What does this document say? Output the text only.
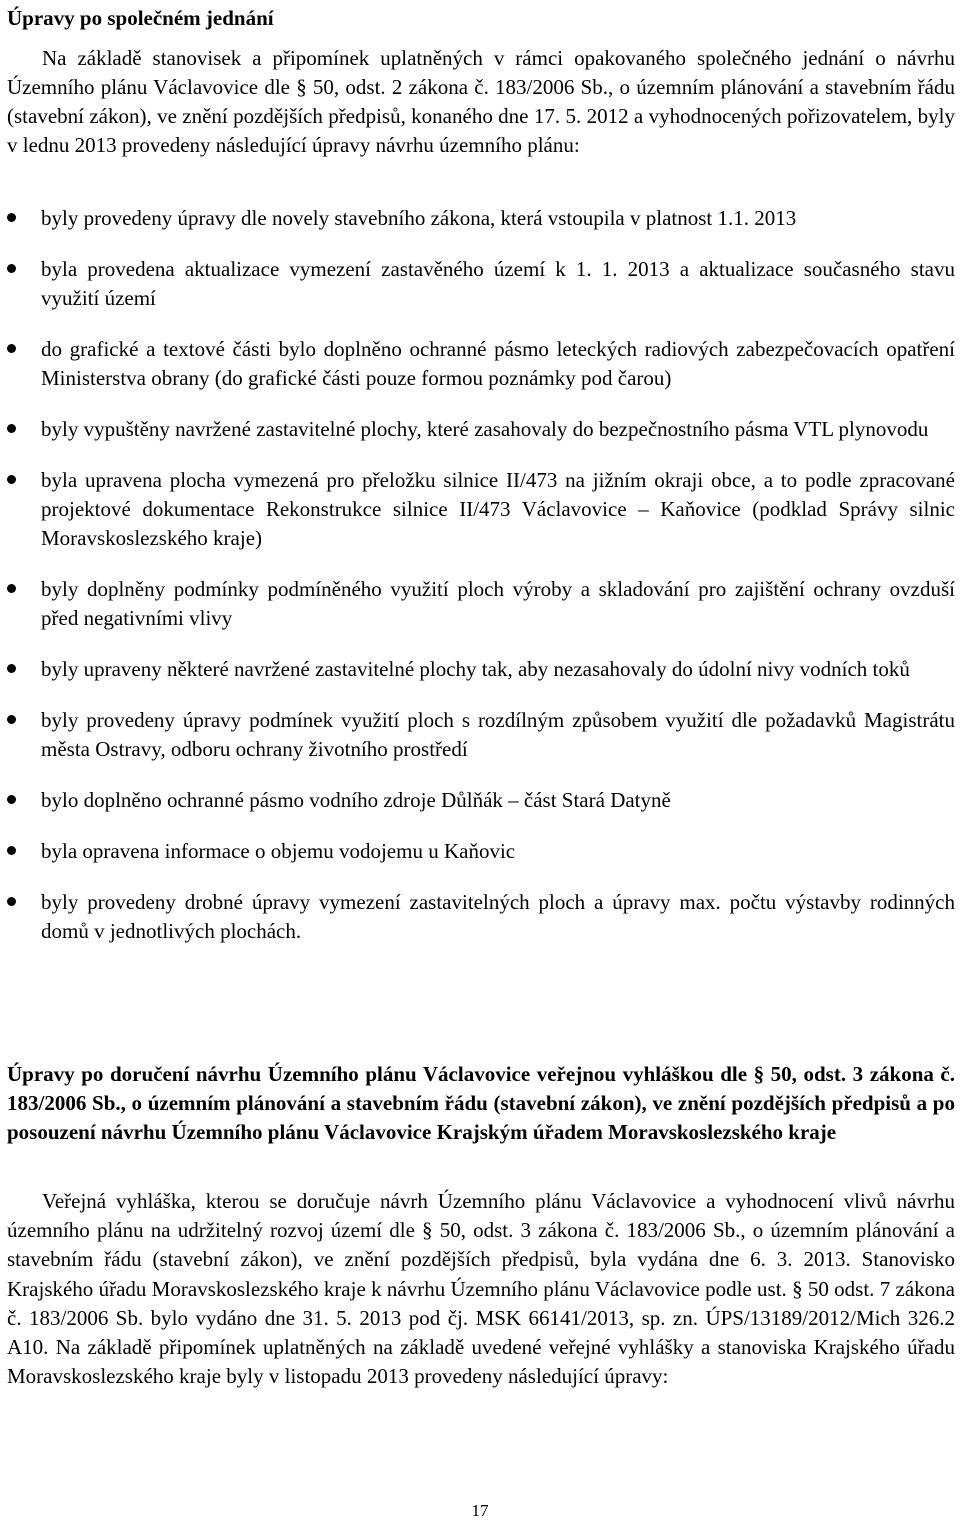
Úpravy po společném jednání

Na základě stanovisek a připomínek uplatněných v rámci opakovaného společného jednání o návrhu Územního plánu Václavovice dle § 50, odst. 2 zákona č. 183/2006 Sb., o územním plánování a stavebním řádu (stavební zákon), ve znění pozdějších předpisů, konaného dne 17. 5. 2012 a vyhodnocených pořizovatelem, byly v lednu 2013 provedeny následující úpravy návrhu územního plánu:

byly provedeny úpravy dle novely stavebního zákona, která vstoupila v platnost 1.1. 2013
byla provedena aktualizace vymezení zastavěného území k 1. 1. 2013 a aktualizace současného stavu využití území
do grafické a textové části bylo doplněno ochranné pásmo leteckých radiových zabezpečovacích opatření Ministerstva obrany (do grafické části pouze formou poznámky pod čarou)
byly vypuštěny navržené zastavitelné plochy, které zasahovaly do bezpečnostního pásma VTL plynovodu
byla upravena plocha vymezená pro přeložku silnice II/473 na jižním okraji obce, a to podle zpracované projektové dokumentace Rekonstrukce silnice II/473 Václavovice – Kaňovice (podklad Správy silnic Moravskoslezského kraje)
byly doplněny podmínky podmíněného využití ploch výroby a skladování pro zajištění ochrany ovzduší před negativními vlivy
byly upraveny některé navržené zastavitelné plochy tak, aby nezasahovaly do údolní nivy vodních toků
byly provedeny úpravy podmínek využití ploch s rozdílným způsobem využití dle požadavků Magistrátu města Ostravy, odboru ochrany životního prostředí
bylo doplněno ochranné pásmo vodního zdroje Důlňák – část Stará Datyně
byla opravena informace o objemu vodojemu u Kaňovic
byly provedeny drobné úpravy vymezení zastavitelných ploch a úpravy max. počtu výstavby rodinných domů v jednotlivých plochách.
Úpravy po doručení návrhu Územního plánu Václavovice veřejnou vyhláškou dle § 50, odst. 3 zákona č. 183/2006 Sb., o územním plánování a stavebním řádu (stavební zákon), ve znění pozdějších předpisů a po posouzení návrhu Územního plánu Václavovice Krajským úřadem Moravskoslezského kraje

Veřejná vyhláška, kterou se doručuje návrh Územního plánu Václavovice a vyhodnocení vlivů návrhu územního plánu na udržitelný rozvoj území dle § 50, odst. 3 zákona č. 183/2006 Sb., o územním plánování a stavebním řádu (stavební zákon), ve znění pozdějších předpisů, byla vydána dne 6. 3. 2013. Stanovisko Krajského úřadu Moravskoslezského kraje k návrhu Územního plánu Václavovice podle ust. § 50 odst. 7 zákona č. 183/2006 Sb. bylo vydáno dne 31. 5. 2013 pod čj. MSK 66141/2013, sp. zn. ÚPS/13189/2012/Mich 326.2 A10. Na základě připomínek uplatněných na základě uvedené veřejné vyhlášky a stanoviska Krajského úřadu Moravskoslezského kraje byly v listopadu 2013 provedeny následující úpravy:

17
